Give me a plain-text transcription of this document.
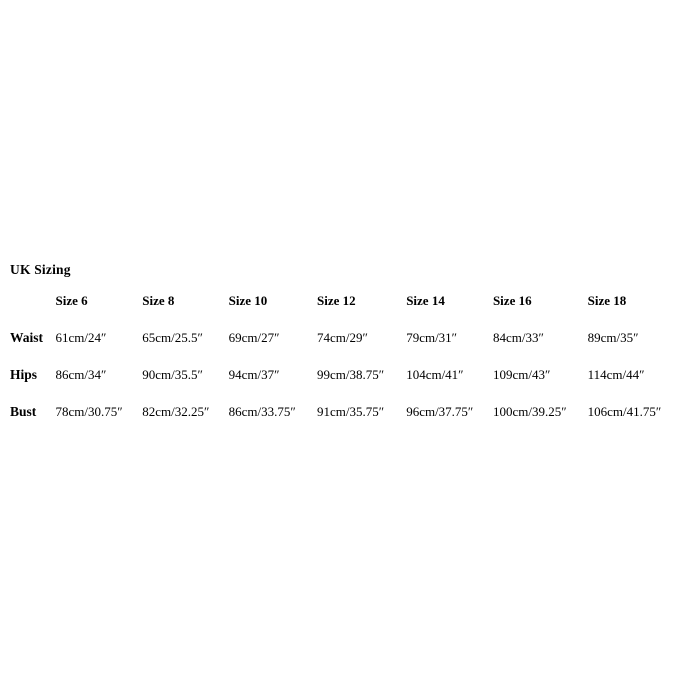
UK Sizing

	Size 6	Size 8	Size 10	Size 12	Size 14	Size 16	Size 18
Waist	61cm/24″	65cm/25.5″	69cm/27″	74cm/29″	79cm/31″	84cm/33″	89cm/35″
Hips	86cm/34″	90cm/35.5″	94cm/37″	99cm/38.75″	104cm/41″	109cm/43″	114cm/44″
Bust	78cm/30.75″	82cm/32.25″	86cm/33.75″	91cm/35.75″	96cm/37.75″	100cm/39.25″	106cm/41.75″
